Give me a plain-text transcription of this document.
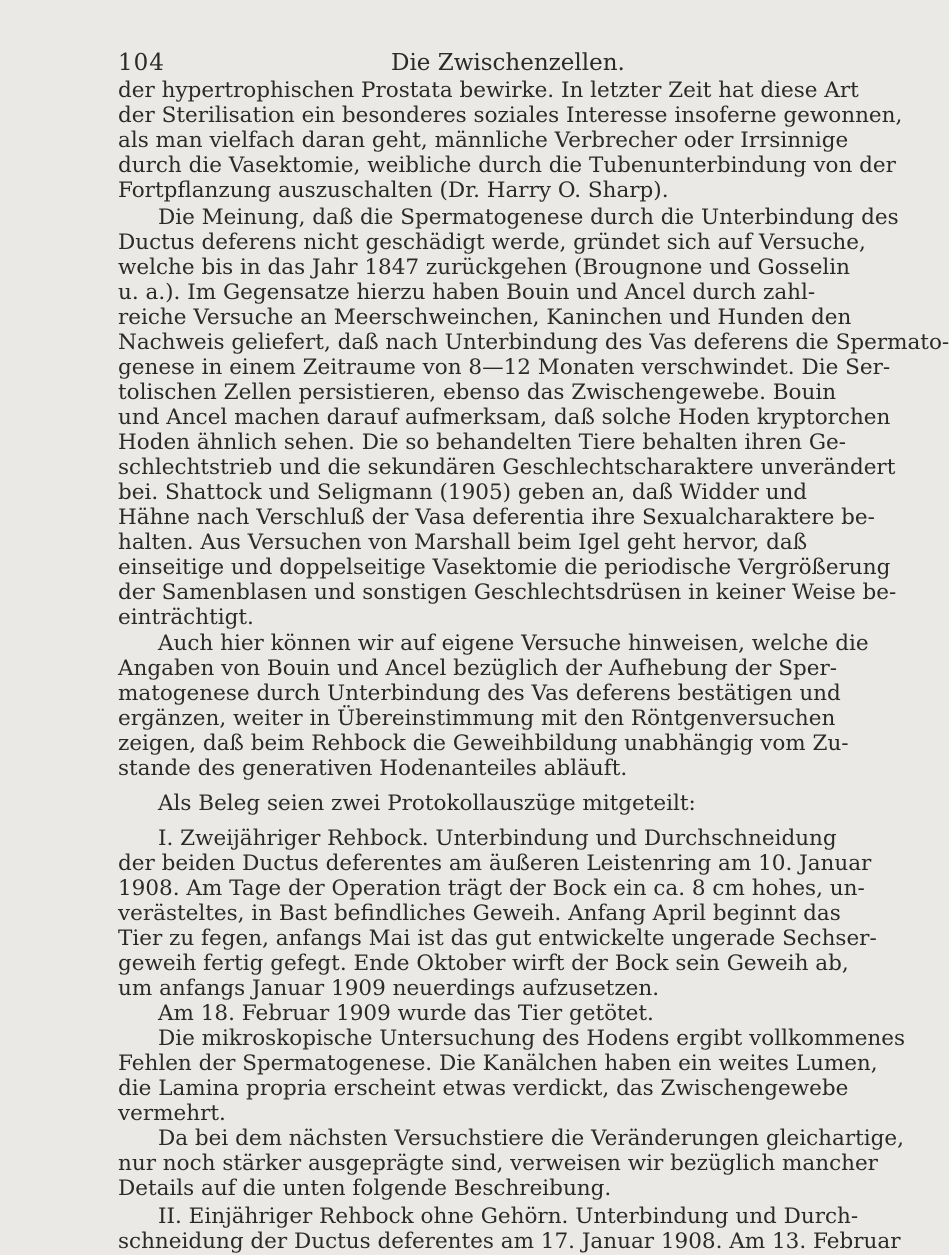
104	Die Zwischenzellen.
der hypertrophischen Prostata bewirke. In letzter Zeit hat diese Art
der Sterilisation ein besonderes soziales Interesse insoferne gewonnen,
als man vielfach daran geht, männliche Verbrecher oder Irrsinnige
durch die Vasektomie, weibliche durch die Tubenunterbindung von der
Fortpflanzung auszuschalten (Dr. Harry O. Sharp).
Die Meinung, daß die Spermatogenese durch die Unterbindung des
Ductus deferens nicht geschädigt werde, gründet sich auf Versuche,
welche bis in das Jahr 1847 zurückgehen (Brougnone und Gosselin
u. a.). Im Gegensatze hierzu haben Bouin und Ancel durch zahl-
reiche Versuche an Meerschweinchen, Kaninchen und Hunden den
Nachweis geliefert, daß nach Unterbindung des Vas deferens die Spermato-
genese in einem Zeitraume von 8—12 Monaten verschwindet. Die Ser-
tolischen Zellen persistieren, ebenso das Zwischengewebe. Bouin
und Ancel machen darauf aufmerksam, daß solche Hoden kryptorchen
Hoden ähnlich sehen. Die so behandelten Tiere behalten ihren Ge-
schlechtstrieb und die sekundären Geschlechtscharaktere unverändert
bei. Shattock und Seligmann (1905) geben an, daß Widder und
Hähne nach Verschluß der Vasa deferentia ihre Sexualcharaktere be-
halten. Aus Versuchen von Marshall beim Igel geht hervor, daß
einseitige und doppelseitige Vasektomie die periodische Vergrößerung
der Samenblasen und sonstigen Geschlechtsdrüsen in keiner Weise be-
einträchtigt.
Auch hier können wir auf eigene Versuche hinweisen, welche die
Angaben von Bouin und Ancel bezüglich der Aufhebung der Sper-
matogenese durch Unterbindung des Vas deferens bestätigen und
ergänzen, weiter in Übereinstimmung mit den Röntgenversuchen
zeigen, daß beim Rehbock die Geweihbildung unabhängig vom Zu-
stande des generativen Hodenanteiles abläuft.
Als Beleg seien zwei Protokollauszüge mitgeteilt:
I. Zweijähriger Rehbock. Unterbindung und Durchschneidung
der beiden Ductus deferentes am äußeren Leistenring am 10. Januar
1908. Am Tage der Operation trägt der Bock ein ca. 8 cm hohes, un-
verästeltes, in Bast befindliches Geweih. Anfang April beginnt das
Tier zu fegen, anfangs Mai ist das gut entwickelte ungerade Sechser-
geweih fertig gefegt. Ende Oktober wirft der Bock sein Geweih ab,
um anfangs Januar 1909 neuerdings aufzusetzen.
Am 18. Februar 1909 wurde das Tier getötet.
Die mikroskopische Untersuchung des Hodens ergibt vollkommenes
Fehlen der Spermatogenese. Die Kanälchen haben ein weites Lumen,
die Lamina propria erscheint etwas verdickt, das Zwischengewebe
vermehrt.
Da bei dem nächsten Versuchstiere die Veränderungen gleichartige,
nur noch stärker ausgeprägte sind, verweisen wir bezüglich mancher
Details auf die unten folgende Beschreibung.
II. Einjähriger Rehbock ohne Gehörn. Unterbindung und Durch-
schneidung der Ductus deferentes am 17. Januar 1908. Am 13. Februar
